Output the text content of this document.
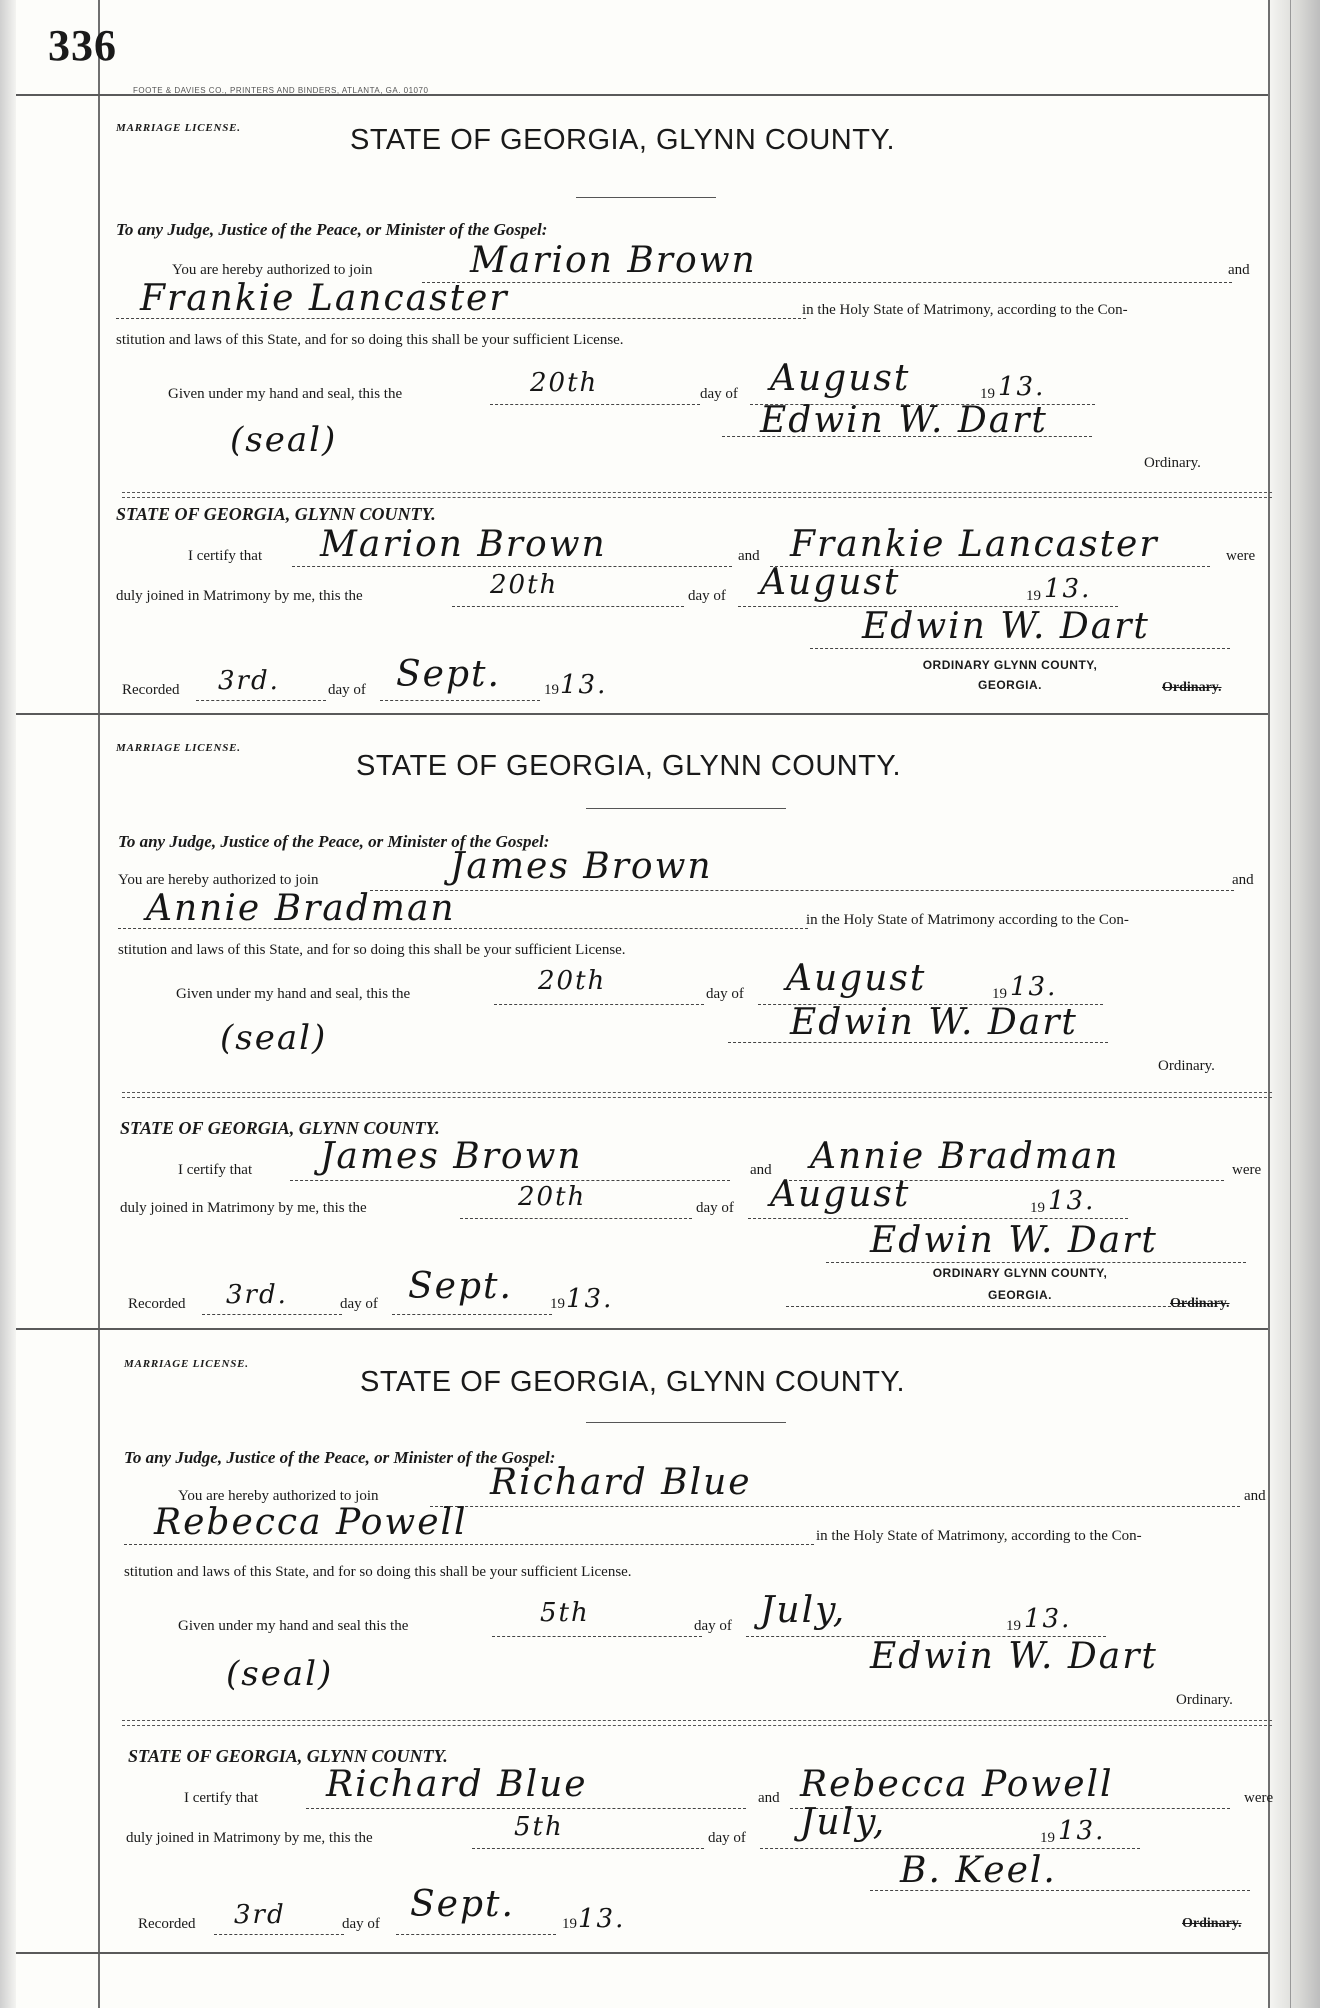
336
FOOTE & DAVIES CO., PRINTERS AND BINDERS, ATLANTA, GA. 01070
MARRIAGE LICENSE.	STATE OF GEORGIA, GLYNN COUNTY.
To any Judge, Justice of the Peace, or Minister of the Gospel:
You are hereby authorized to join	Marion Brown	and
Frankie Lancaster	in the Holy State of Matrimony, according to the Con-
stitution and laws of this State, and for so doing this shall be your sufficient License.
Given under my hand and seal, this the	20th	day of August	19 13.
(seal)	Edwin W. Dart
Ordinary.
STATE OF GEORGIA, GLYNN COUNTY.
I certify that Marion Brown	and Frankie Lancaster	were
duly joined in Matrimony by me, this the	20th	day of August	19 13.
Edwin W. Dart
ORDINARY GLYNN COUNTY,
GEORGIA.	Ordinary.
Recorded 3rd.	day of Sept.	19 13.
MARRIAGE LICENSE.
STATE OF GEORGIA, GLYNN COUNTY.
To any Judge, Justice of the Peace, or Minister of the Gospel:
You are hereby authorized to join	James Brown	and
Annie Bradman	in the Holy State of Matrimony according to the Con-
stitution and laws of this State, and for so doing this shall be your sufficient License.
Given under my hand and seal, this the	20th	day of August	19 13.
(seal)	Edwin W. Dart
Ordinary.
STATE OF GEORGIA, GLYNN COUNTY.
I certify that James Brown	and Annie Bradman	were
duly joined in Matrimony by me, this the	20th	day of August	19 13.
Edwin W. Dart
ORDINARY GLYNN COUNTY,
GEORGIA.
Ordinary.
Recorded 3rd.	day of Sept. 19 13.
MARRIAGE LICENSE.
STATE OF GEORGIA, GLYNN COUNTY.
To any Judge, Justice of the Peace, or Minister of the Gospel:
You are hereby authorized to join	Richard Blue	and
Rebecca Powell	in the Holy State of Matrimony, according to the Con-
stitution and laws of this State, and for so doing this shall be your sufficient License.
Given under my hand and seal this the	5th	day of July,	19 13.
(seal)	Edwin W. Dart
Ordinary.
STATE OF GEORGIA, GLYNN COUNTY.
I certify that Richard Blue	and Rebecca Powell	were
duly joined in Matrimony by me, this the	5th	day of July,	19 13.
B. Keel.
Ordinary.
Recorded 3rd	day of Sept.	19 13.
